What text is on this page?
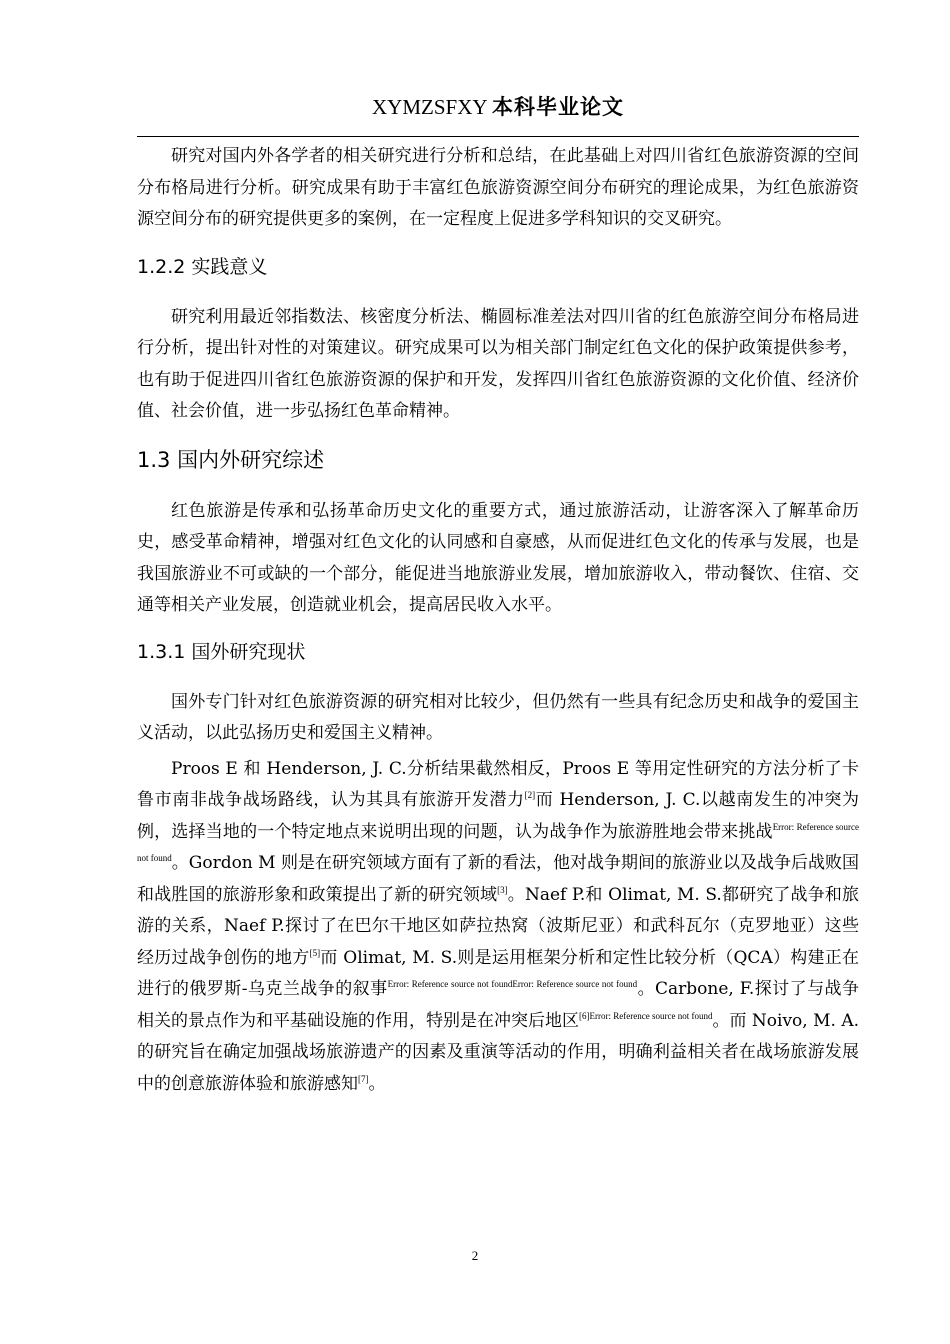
XYMZSFXY 本科毕业论文

研究对国内外各学者的相关研究进行分析和总结，在此基础上对四川省红色旅游资源的空间分布格局进行分析。研究成果有助于丰富红色旅游资源空间分布研究的理论成果，为红色旅游资源空间分布的研究提供更多的案例，在一定程度上促进多学科知识的交叉研究。

1.2.2 实践意义

研究利用最近邻指数法、核密度分析法、椭圆标准差法对四川省的红色旅游空间分布格局进行分析，提出针对性的对策建议。研究成果可以为相关部门制定红色文化的保护政策提供参考，也有助于促进四川省红色旅游资源的保护和开发，发挥四川省红色旅游资源的文化价值、经济价值、社会价值，进一步弘扬红色革命精神。

1.3 国内外研究综述

红色旅游是传承和弘扬革命历史文化的重要方式，通过旅游活动，让游客深入了解革命历史，感受革命精神，增强对红色文化的认同感和自豪感，从而促进红色文化的传承与发展，也是我国旅游业不可或缺的一个部分，能促进当地旅游业发展，增加旅游收入，带动餐饮、住宿、交通等相关产业发展，创造就业机会，提高居民收入水平。

1.3.1 国外研究现状

国外专门针对红色旅游资源的研究相对比较少，但仍然有一些具有纪念历史和战争的爱国主义活动，以此弘扬历史和爱国主义精神。

Proos E 和 Henderson, J. C.分析结果截然相反，Proos E 等用定性研究的方法分析了卡鲁市南非战争战场路线，认为其具有旅游开发潜力[2]而 Henderson, J. C.以越南发生的冲突为例，选择当地的一个特定地点来说明出现的问题，认为战争作为旅游胜地会带来挑战$^{Error: Reference source not found}$。Gordon M 则是在研究领域方面有了新的看法，他对战争期间的旅游业以及战争后战败国和战胜国的旅游形象和政策提出了新的研究领域[3]。Naef P.和 Olimat, M. S.都研究了战争和旅游的关系，Naef P.探讨了在巴尔干地区如萨拉热窝（波斯尼亚）和武科瓦尔（克罗地亚）这些经历过战争创伤的地方[5]而 Olimat, M. S.则是运用框架分析和定性比较分析（QCA）构建正在进行的俄罗斯-乌克兰战争的叙事$^{Error: Reference source not foundError: Reference source not found}$。Carbone, F.探讨了与战争相关的景点作为和平基础设施的作用，特别是在冲突后地区$^{[6]Error: Reference source not found}$。而 Noivo, M. A.的研究旨在确定加强战场旅游遗产的因素及重演等活动的作用，明确利益相关者在战场旅游发展中的创意旅游体验和旅游感知[7]。

2
